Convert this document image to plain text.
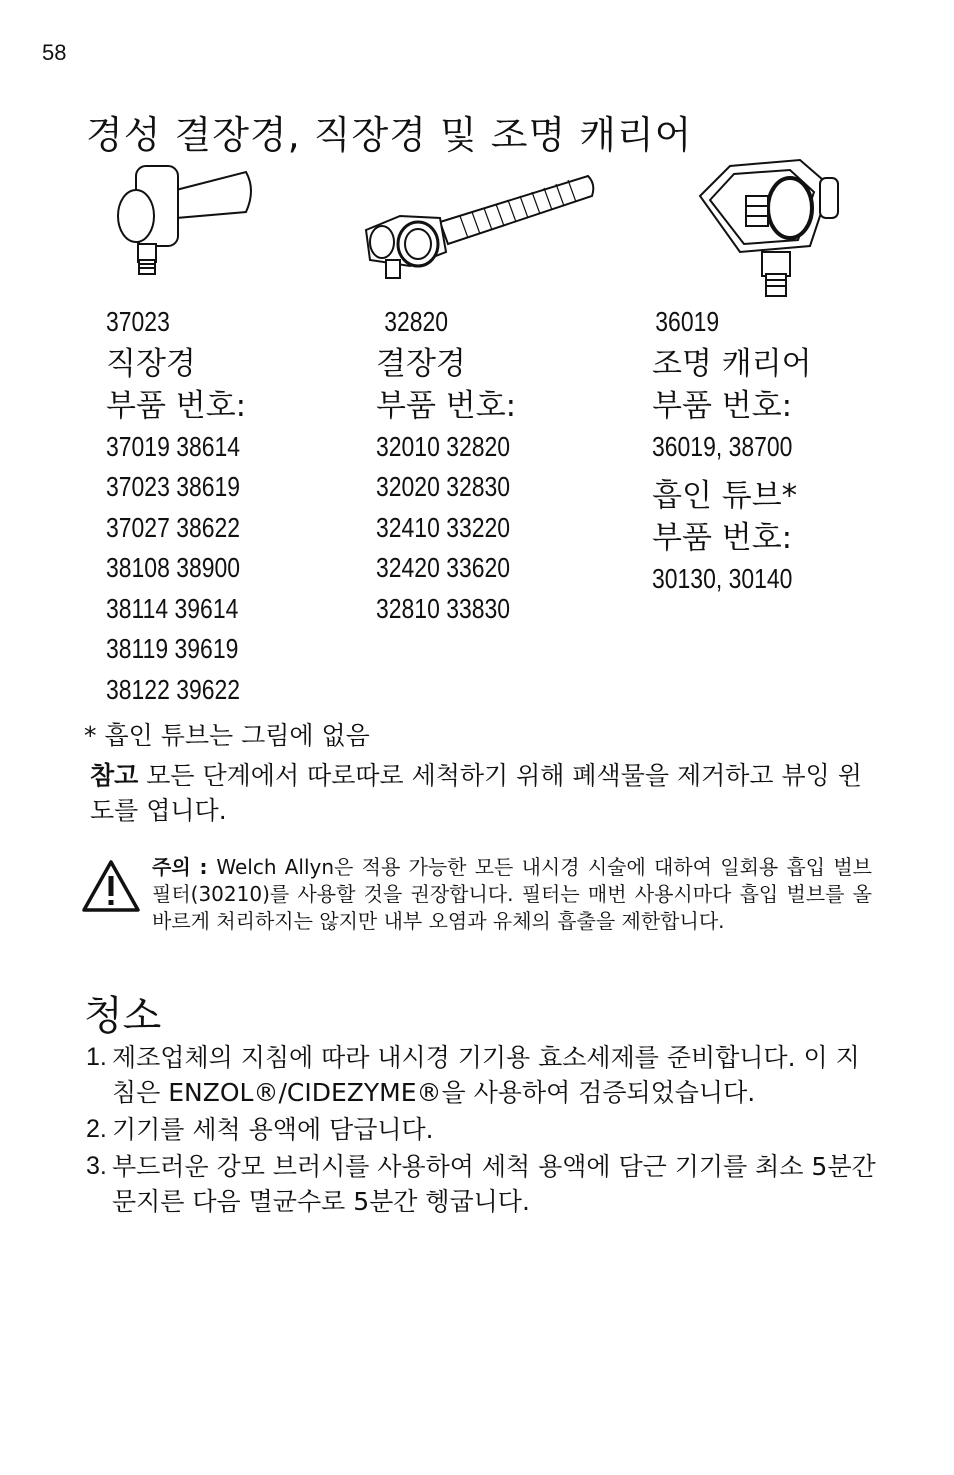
58
경성 결장경, 직장경 및 조명 캐리어
37023
직장경
부품 번호:
37019 38614
37023 38619
37027 38622
38108 38900
38114 39614
38119 39619
38122 39622
32820
결장경
부품 번호:
32010 32820
32020 32830
32410 33220
32420 33620
32810 33830
36019
조명 캐리어
부품 번호:
36019, 38700
흡인 튜브*
부품 번호:
30130, 30140
* 흡인 튜브는 그림에 없음
참고 모든 단계에서 따로따로 세척하기 위해 폐색물을 제거하고 뷰잉 윈도를 엽니다.
주의 : Welch Allyn은 적용 가능한 모든 내시경 시술에 대하여 일회용 흡입 벌브 필터(30210)를 사용할 것을 권장합니다. 필터는 매번 사용시마다 흡입 벌브를 올바르게 처리하지는 않지만 내부 오염과 유체의 흡출을 제한합니다.
청소
1. 제조업체의 지침에 따라 내시경 기기용 효소세제를 준비합니다. 이 지침은 ENZOL®/CIDEZYME®을 사용하여 검증되었습니다.
2. 기기를 세척 용액에 담급니다.
3. 부드러운 강모 브러시를 사용하여 세척 용액에 담근 기기를 최소 5분간 문지른 다음 멸균수로 5분간 헹굽니다.
